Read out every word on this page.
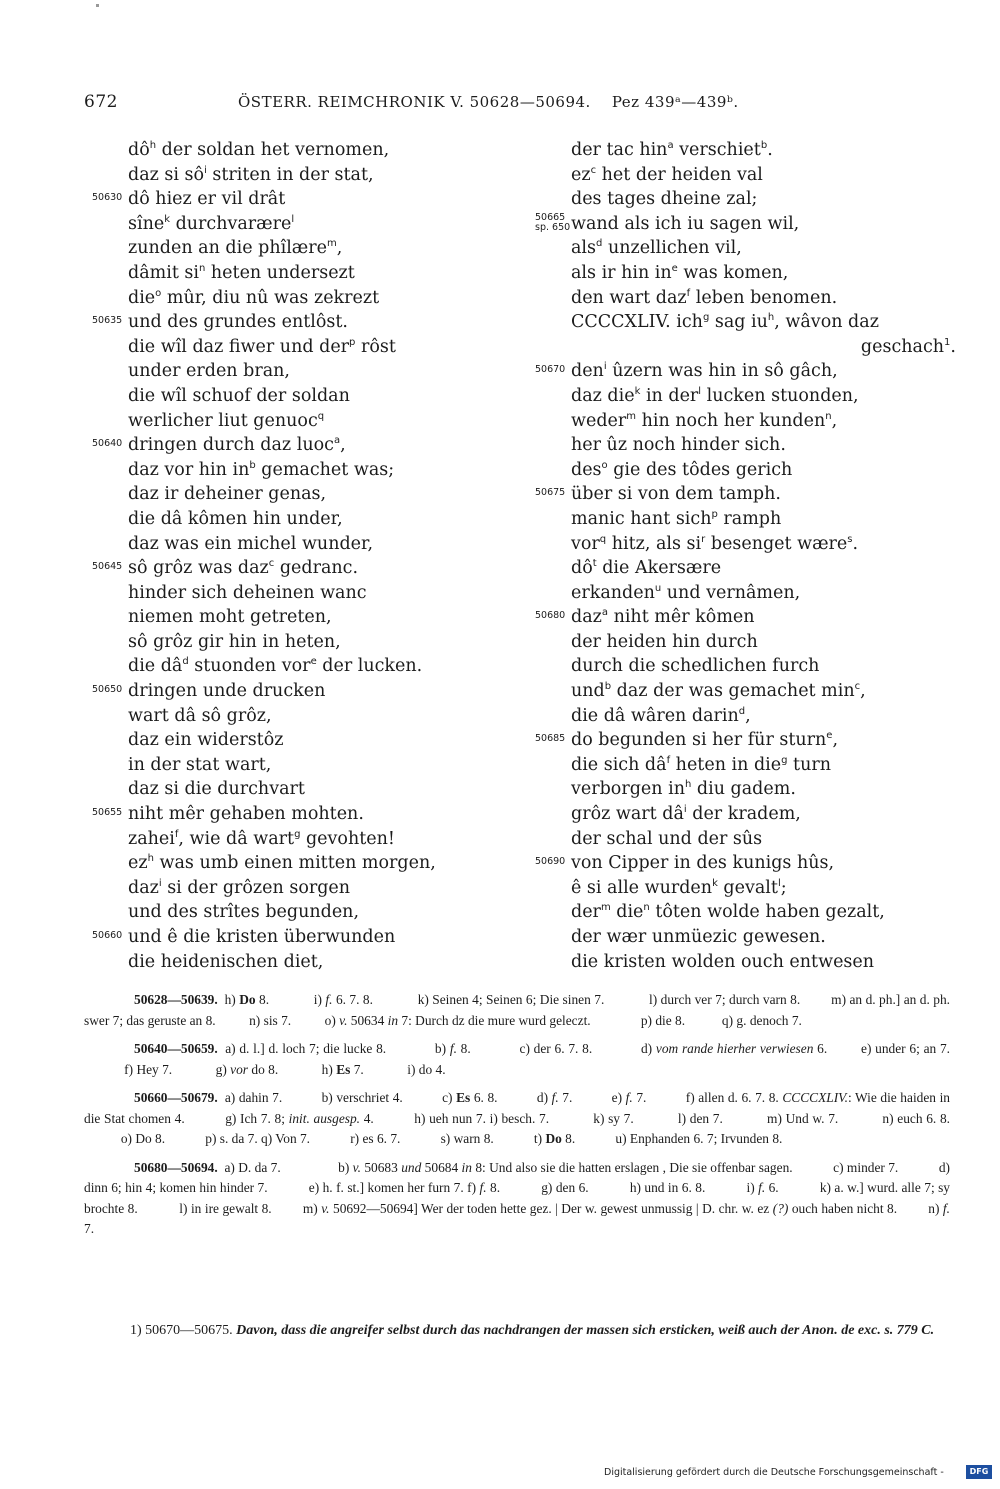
672	ÖSTERR. REIMCHRONIK V. 50628—50694. Pez 439ᵃ—439ᵇ.
$dô^h$ der soldan het vernomen,
daz si $sô^i$ striten in der stat,
50630 dô hiez er vil drât
sîne$^k$ durchvarære$^l$
zunden an die phîlære$^m$,
dâmit $si^n$ heten undersezt
die$^o$ mûr, diu nû was zekrezt
50635 und des grundes entlôst.
die wîl daz fiwer und der$^p$ rôst
under erden bran,
die wîl schuof der soldan
werlicher liut genuoc$^q$
50640 dringen durch daz luoc$^a$,
daz vor hin $in^b$ gemachet was;
daz ir deheiner genas,
die dâ kômen hin under,
daz was ein michel wunder,
50645 sô grôz was daz$^c$ gedranc.
hinder sich deheinen wanc
niemen moht getreten,
sô grôz gir hin in heten,
die $dâ^d$ stuonden vor$^e$ der lucken.
50650 dringen unde drucken
wart dâ sô grôz,
daz ein widerstôz
in der stat wart,
daz si die durchvart
50655 niht mêr gehaben mohten.
zahei$^f$, wie dâ wart$^g$ gevohten!
$ez^h$ was umb einen mitten morgen,
daz$^i$ si der grôzen sorgen
und des strîtes begunden,
50660 und ê die kristen überwunden
die heidenischen diet,
der tac hin$^a$ verschiet$^b$.
$ez^c$ het der heiden val
des tages dheine zal;
50665
sp. 650 wand als ich iu sagen wil,
als$^d$ unzellichen vil,
als ir hin $in^e$ was komen,
den wart daz$^f$ leben benomen.
CCCCXLIV. ich$^g$ sag $iu^h$, wâvon daz
geschach$^1$.
50670 den$^i$ ûzern was hin in sô gâch,
daz die$^k$ in der$^l$ lucken stuonden,
weder$^m$ hin noch her kunden$^n$,
her ûz noch hinder sich.
des$^o$ gie des tôdes gerich
50675 über si von dem tamph.
manic hant sich$^p$ ramph
vor$^q$ hitz, als $si^r$ besenget wære$^s$.
$dô^t$ die Akersære
erkanden$^u$ und vernâmen,
50680 daz$^a$ niht mêr kômen
der heiden hin durch
durch die schedlichen furch
und$^b$ daz der was gemachet $\min^c$,
die dâ wâren darin$^d$,
50685 do begunden si her für sturn$^e$,
die sich $dâ^f$ heten in die$^g$ turn
verborgen $in^h$ diu gadem.
grôz wart $dâ^i$ der kradem,
der schal und der sûs
50690 von Cipper in des kunigs hûs,
ê si alle wurden$^k$ gevalt$^l$;
der$^m$ die$^n$ tôten wolde haben gezalt,
der wær unmüezic gewesen.
die kristen wolden ouch entwesen

50628—50639.  h) Do 8.             i) f. 6. 7. 8.             k) Seinen 4; Seinen 6; Die sinen 7.             l) durch ver 7; durch varn 8.         m) an d. ph.] an d. ph. swer 7; das geruste an 8.          n) sis 7.          o) v. 50634 in 7: Durch dz die mure wurd geleczt.               p) die 8.           q) g. denoch 7.

50640—50659.  a) d. l.] d. loch 7; die lucke 8.             b) f. 8.             c) der 6. 7. 8.             d) vom rande hierher verwiesen 6.         e) under 6; an 7.             f) Hey 7.             g) vor do 8.             h) Es 7.             i) do 4.

50660—50679.  a) dahin 7.           b) verschriet 4.           c) Es 6. 8.           d) f. 7.           e) f. 7.           f) allen d. 6. 7. 8. CCCCXLIV.: Wie die haiden in die Stat chomen 4.           g) Ich 7. 8; init. ausgesp. 4.           h) ueh nun 7. i) besch. 7.            k) sy 7.            l) den 7.            m) Und w. 7.            n) euch 6. 8.            o) Do 8.            p) s. da 7. q) Von 7.            r) es 6. 7.            s) warn 8.            t) Do 8.            u) Enphanden 6. 7; Irvunden 8.

50680—50694.  a) D. da 7.                 b) v. 50683 und 50684 in 8: Und also sie die hatten erslagen , Die sie offenbar sagen.            c) minder 7.            d) dinn 6; hin 4; komen hin hinder 7.            e) h. f. st.] komen her furn 7. f) f. 8.            g) den 6.            h) und in 6. 8.            i) f. 6.            k) a. w.] wurd. alle 7; sy brochte 8.            l) in ire gewalt 8.         m) v. 50692—50694] Wer der toden hette gez. | Der w. gewest unmussig | D. chr. w. ez (?) ouch haben nicht 8.         n) f. 7.

1) 50670—50675. Davon, dass die angreifer selbst durch das nachdrangen der massen sich ersticken, weiß auch der Anon. de exc. s. 779 C.

Digitalisierung gefördert durch die Deutsche Forschungsgemeinschaft -	DFG
